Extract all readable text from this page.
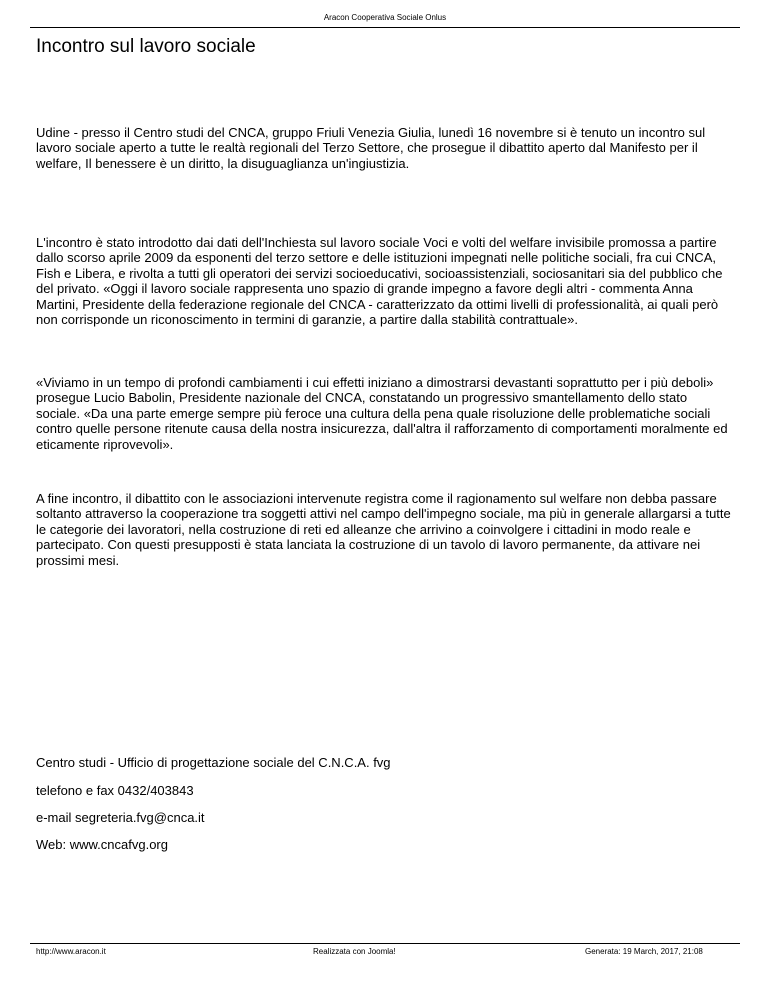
Aracon Cooperativa Sociale Onlus
Incontro sul lavoro sociale

Udine - presso il Centro studi del CNCA, gruppo Friuli Venezia Giulia, lunedì 16 novembre si è tenuto un incontro sul lavoro sociale aperto a tutte le realtà regionali del Terzo Settore, che prosegue il dibattito aperto dal Manifesto per il welfare, Il benessere è un diritto, la disuguaglianza un'ingiustizia.

L'incontro è stato introdotto dai dati dell'Inchiesta sul lavoro sociale Voci e volti del welfare invisibile promossa a partire dallo scorso aprile 2009 da esponenti del terzo settore e delle istituzioni impegnati nelle politiche sociali, fra cui CNCA, Fish e Libera, e rivolta a tutti gli operatori dei servizi socioeducativi, socioassistenziali, sociosanitari sia del pubblico che del privato. «Oggi il lavoro sociale rappresenta uno spazio di grande impegno a favore degli altri - commenta Anna Martini, Presidente della federazione regionale del CNCA - caratterizzato da ottimi livelli di professionalità, ai quali però non corrisponde un riconoscimento in termini di garanzie, a partire dalla stabilità contrattuale».

«Viviamo in un tempo di profondi cambiamenti i cui effetti iniziano a dimostrarsi devastanti soprattutto per i più deboli» prosegue Lucio Babolin, Presidente nazionale del CNCA, constatando un progressivo smantellamento dello stato sociale. «Da una parte emerge sempre più feroce una cultura della pena quale risoluzione delle problematiche sociali contro quelle persone ritenute causa della nostra insicurezza, dall'altra il rafforzamento di comportamenti moralmente ed eticamente riprovevoli».

A fine incontro, il dibattito con le associazioni intervenute registra come il ragionamento sul welfare non debba passare soltanto attraverso la cooperazione tra soggetti attivi nel campo dell'impegno sociale, ma più in generale allargarsi a tutte le categorie dei lavoratori, nella costruzione di reti ed alleanze che arrivino a coinvolgere i cittadini in modo reale e partecipato. Con questi presupposti è stata lanciata la costruzione di un tavolo di lavoro permanente, da attivare nei prossimi mesi.

Centro studi - Ufficio di progettazione sociale del C.N.C.A. fvg

telefono e fax 0432/403843

e-mail segreteria.fvg@cnca.it

Web: www.cncafvg.org

http://www.aracon.it	Realizzata con Joomla!	Generata: 19 March, 2017, 21:08
